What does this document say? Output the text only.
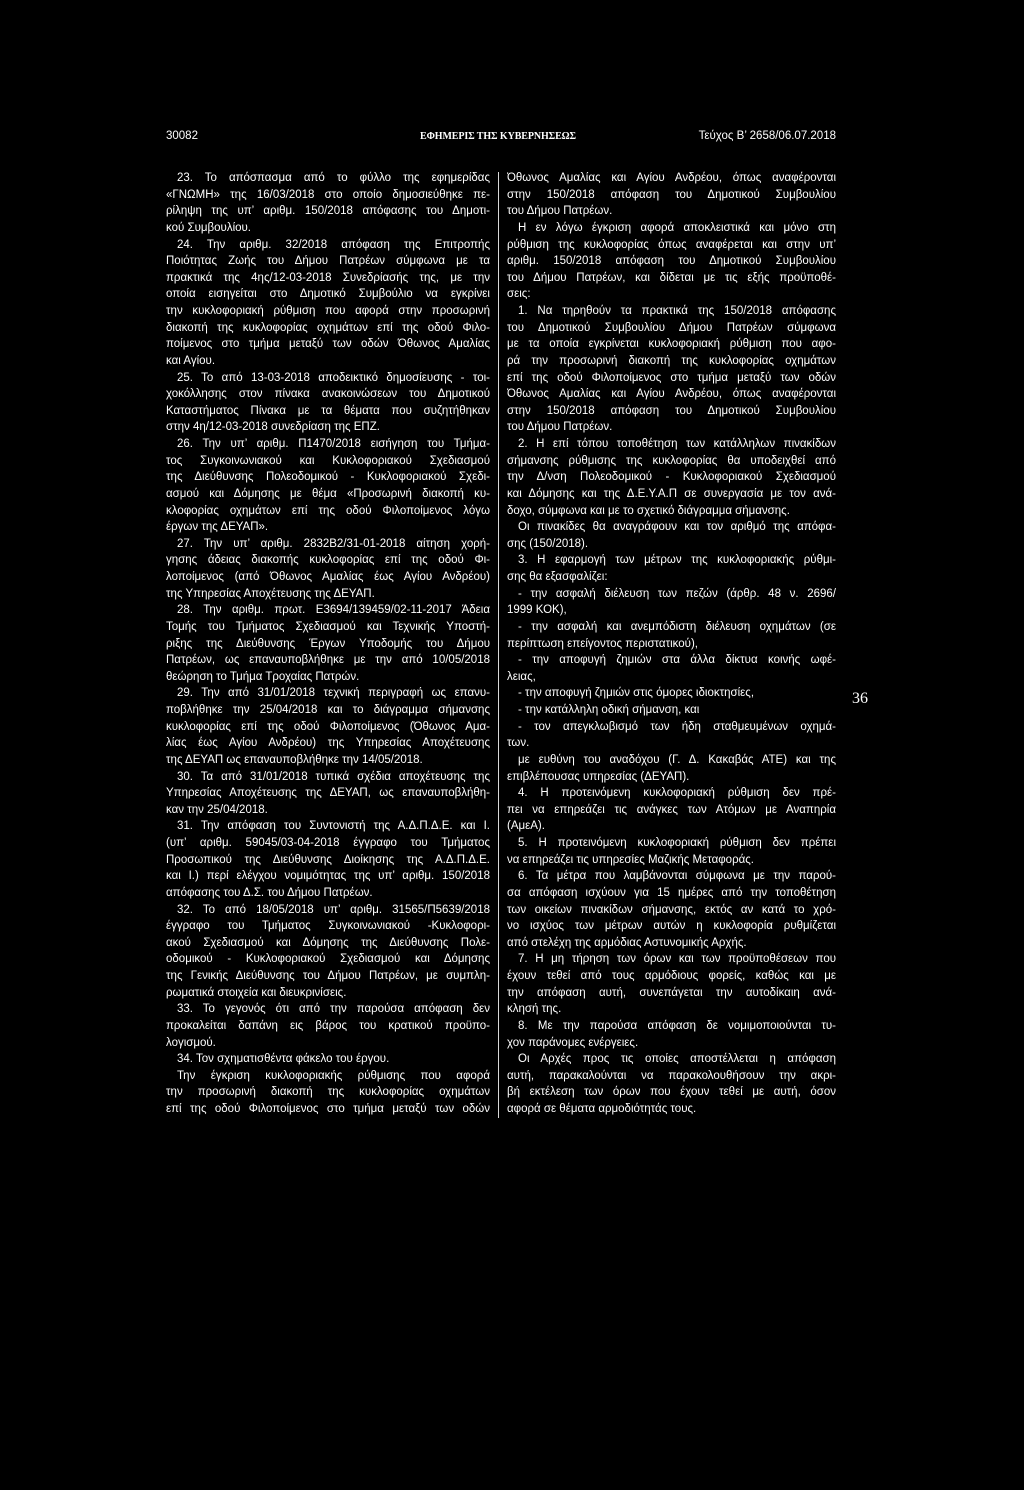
30082	ΕΦΗΜΕΡΙΣ ΤΗΣ ΚΥΒΕΡΝΗΣΕΩΣ	Τεύχος Β’ 2658/06.07.2018
23. Το απόσπασμα από το φύλλο της εφημερίδας
«ΓΝΩΜΗ» της 16/03/2018 στο οποίο δημοσιεύθηκε πε-
ρίληψη της υπ’ αριθμ. 150/2018 απόφασης του Δημοτι-
κού Συμβουλίου.
24. Την αριθμ. 32/2018 απόφαση της Επιτροπής
Ποιότητας Ζωής του Δήμου Πατρέων σύμφωνα με τα
πρακτικά της 4ης/12-03-2018 Συνεδρίασής της, με την
οποία εισηγείται στο Δημοτικό Συμβούλιο να εγκρίνει
την κυκλοφοριακή ρύθμιση που αφορά στην προσωρινή
διακοπή της κυκλοφορίας οχημάτων επί της οδού Φιλο-
ποίμενος στο τμήμα μεταξύ των οδών Όθωνος Αμαλίας
και Αγίου.
25. Το από 13-03-2018 αποδεικτικό δημοσίευσης - τοι-
χοκόλλησης στον πίνακα ανακοινώσεων του Δημοτικού
Καταστήματος Πίνακα με τα θέματα που συζητήθηκαν
στην 4η/12-03-2018 συνεδρίαση της ΕΠΖ.
26. Την υπ’ αριθμ. Π1470/2018 εισήγηση του Τμήμα-
τος Συγκοινωνιακού και Κυκλοφοριακού Σχεδιασμού
της Διεύθυνσης Πολεοδομικού - Κυκλοφοριακού Σχεδι-
ασμού και Δόμησης με θέμα «Προσωρινή διακοπή κυ-
κλοφορίας οχημάτων επί της οδού Φιλοποίμενος λόγω
έργων της ΔΕΥΑΠ».
27. Την υπ’ αριθμ. 2832Β2/31-01-2018 αίτηση χορή-
γησης άδειας διακοπής κυκλοφορίας επί της οδού Φι-
λοποίμενος (από Όθωνος Αμαλίας έως Αγίου Ανδρέου)
της Υπηρεσίας Αποχέτευσης της ΔΕΥΑΠ.
28. Την αριθμ. πρωτ. Ε3694/139459/02-11-2017 Άδεια
Τομής του Τμήματος Σχεδιασμού και Τεχνικής Υποστή-
ριξης της Διεύθυνσης Έργων Υποδομής του Δήμου
Πατρέων, ως επαναυποβλήθηκε με την από 10/05/2018
θεώρηση το Τμήμα Τροχαίας Πατρών.
29. Την από 31/01/2018 τεχνική περιγραφή ως επανυ-
ποβλήθηκε την 25/04/2018 και το διάγραμμα σήμανσης
κυκλοφορίας επί της οδού Φιλοποίμενος (Όθωνος Αμα-
λίας έως Αγίου Ανδρέου) της Υπηρεσίας Αποχέτευσης
της ΔΕΥΑΠ ως επαναυποβλήθηκε την 14/05/2018.
30. Τα από 31/01/2018 τυπικά σχέδια αποχέτευσης της
Υπηρεσίας Αποχέτευσης της ΔΕΥΑΠ, ως επαναυποβλήθη-
καν την 25/04/2018.
31. Την απόφαση του Συντονιστή της Α.Δ.Π.Δ.Ε. και Ι.
(υπ’ αριθμ. 59045/03-04-2018 έγγραφο του Τμήματος
Προσωπικού της Διεύθυνσης Διοίκησης της Α.Δ.Π.Δ.Ε.
και Ι.) περί ελέγχου νομιμότητας της υπ’ αριθμ. 150/2018
απόφασης του Δ.Σ. του Δήμου Πατρέων.
32. Το από 18/05/2018 υπ’ αριθμ. 31565/Π5639/2018
έγγραφο του Τμήματος Συγκοινωνιακού -Κυκλοφορι-
ακού Σχεδιασμού και Δόμησης της Διεύθυνσης Πολε-
οδομικού - Κυκλοφοριακού Σχεδιασμού και Δόμησης
της Γενικής Διεύθυνσης του Δήμου Πατρέων, με συμπλη-
ρωματικά στοιχεία και διευκρινίσεις.
33. Το γεγονός ότι από την παρούσα απόφαση δεν
προκαλείται δαπάνη εις βάρος του κρατικού προϋπο-
λογισμού.
34. Τον σχηματισθέντα φάκελο του έργου.
Την έγκριση κυκλοφοριακής ρύθμισης που αφορά
την προσωρινή διακοπή της κυκλοφορίας οχημάτων
επί της οδού Φιλοποίμενος στο τμήμα μεταξύ των οδών
Όθωνος Αμαλίας και Αγίου Ανδρέου, όπως αναφέρονται
στην 150/2018 απόφαση του Δημοτικού Συμβουλίου
του Δήμου Πατρέων.
Η εν λόγω έγκριση αφορά αποκλειστικά και μόνο στη
ρύθμιση της κυκλοφορίας όπως αναφέρεται και στην υπ’
αριθμ. 150/2018 απόφαση του Δημοτικού Συμβουλίου
του Δήμου Πατρέων, και δίδεται με τις εξής προϋποθέ-
σεις:
1. Να τηρηθούν τα πρακτικά της 150/2018 απόφασης
του Δημοτικού Συμβουλίου Δήμου Πατρέων σύμφωνα
με τα οποία εγκρίνεται κυκλοφοριακή ρύθμιση που αφο-
ρά την προσωρινή διακοπή της κυκλοφορίας οχημάτων
επί της οδού Φιλοποίμενος στο τμήμα μεταξύ των οδών
Όθωνος Αμαλίας και Αγίου Ανδρέου, όπως αναφέρονται
στην 150/2018 απόφαση του Δημοτικού Συμβουλίου
του Δήμου Πατρέων.
2. Η επί τόπου τοποθέτηση των κατάλληλων πινακίδων
σήμανσης ρύθμισης της κυκλοφορίας θα υποδειχθεί από
την Δ/νση Πολεοδομικού - Κυκλοφοριακού Σχεδιασμού
και Δόμησης και της Δ.Ε.Υ.Α.Π σε συνεργασία με τον ανά-
δοχο, σύμφωνα και με το σχετικό διάγραμμα σήμανσης.
Οι πινακίδες θα αναγράφουν και τον αριθμό της απόφα-
σης (150/2018).
3. Η εφαρμογή των μέτρων της κυκλοφοριακής ρύθμι-
σης θα εξασφαλίζει:
- την ασφαλή διέλευση των πεζών (άρθρ. 48 ν. 2696/
1999 ΚΟΚ),
- την ασφαλή και ανεμπόδιστη διέλευση οχημάτων (σε
περίπτωση επείγοντος περιστατικού),
- την αποφυγή ζημιών στα άλλα δίκτυα κοινής ωφέ-
λειας,
- την αποφυγή ζημιών στις όμορες ιδιοκτησίες,
- την κατάλληλη οδική σήμανση, και
- τον απεγκλωβισμό των ήδη σταθμευμένων οχημά-
των.
με ευθύνη του αναδόχου (Γ. Δ. Κακαβάς ΑΤΕ) και της
επιβλέπουσας υπηρεσίας (ΔΕΥΑΠ).
4. Η προτεινόμενη κυκλοφοριακή ρύθμιση δεν πρέ-
πει να επηρεάζει τις ανάγκες των Ατόμων με Αναπηρία
(ΑμεΑ).
5. Η προτεινόμενη κυκλοφοριακή ρύθμιση δεν πρέπει
να επηρεάζει τις υπηρεσίες Μαζικής Μεταφοράς.
6. Τα μέτρα που λαμβάνονται σύμφωνα με την παρού-
σα απόφαση ισχύουν για 15 ημέρες από την τοποθέτηση
των οικείων πινακίδων σήμανσης, εκτός αν κατά το χρό-
νο ισχύος των μέτρων αυτών η κυκλοφορία ρυθμίζεται
από στελέχη της αρμόδιας Αστυνομικής Αρχής.
7. Η μη τήρηση των όρων και των προϋποθέσεων που
έχουν τεθεί από τους αρμόδιους φορείς, καθώς και με
την απόφαση αυτή, συνεπάγεται την αυτοδίκαιη ανά-
κλησή της.
8. Με την παρούσα απόφαση δε νομιμοποιούνται τυ-
χον παράνομες ενέργειες.
Οι Αρχές προς τις οποίες αποστέλλεται η απόφαση
αυτή, παρακαλούνται να παρακολουθήσουν την ακρι-
βή εκτέλεση των όρων που έχουν τεθεί με αυτή, όσον
αφορά σε θέματα αρμοδιότητάς τους.
36
